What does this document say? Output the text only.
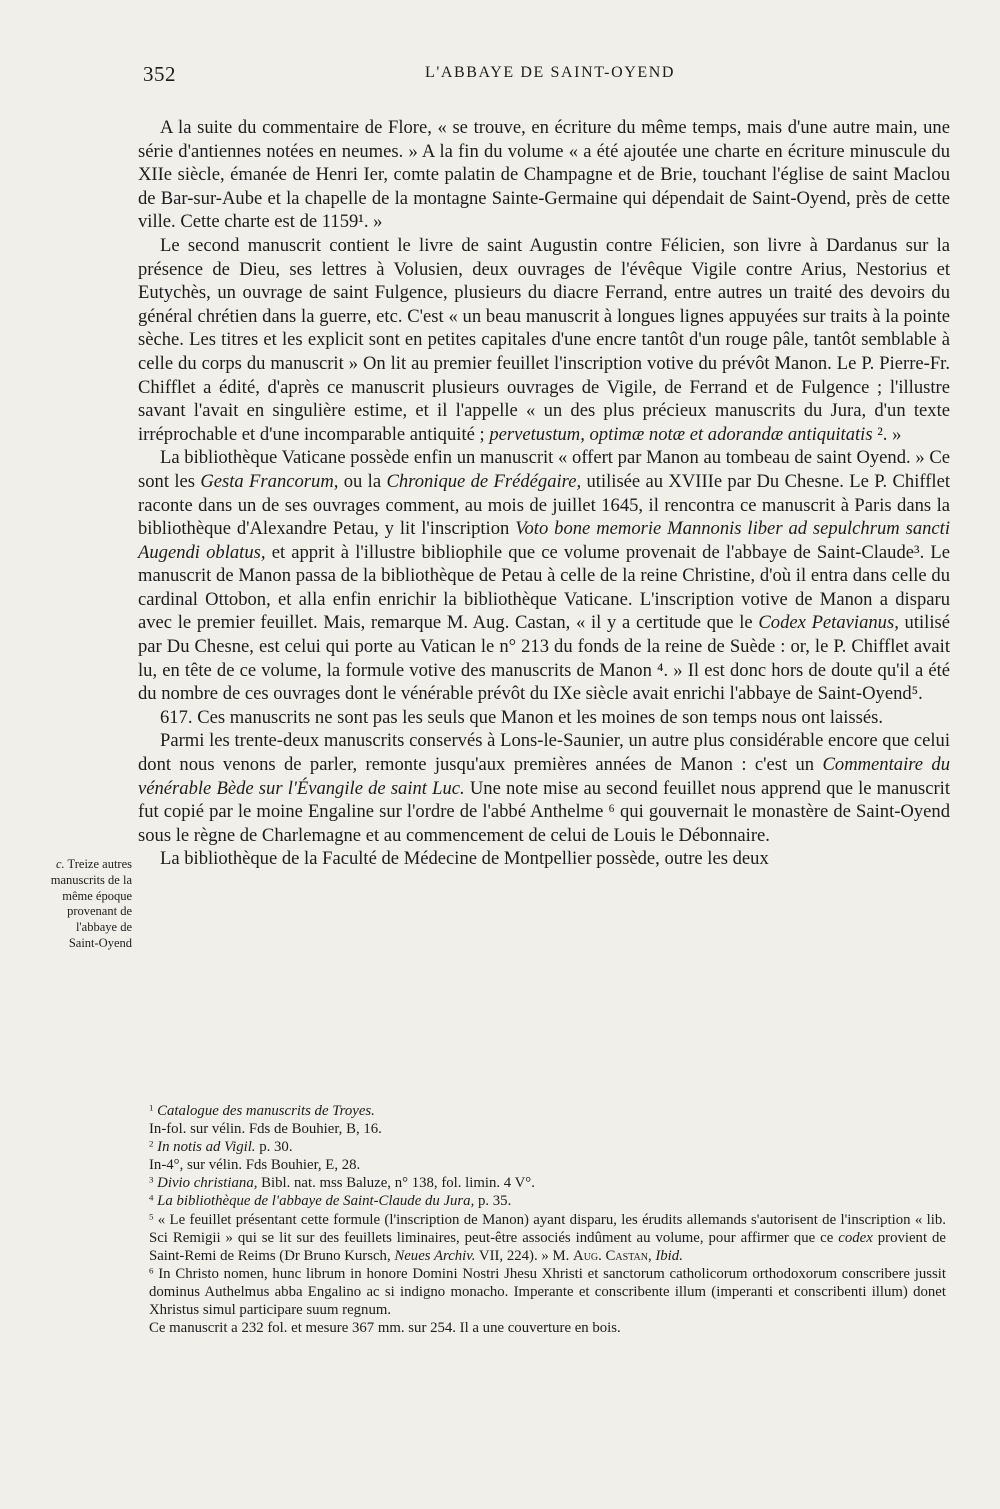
352	L'ABBAYE DE SAINT-OYEND

A la suite du commentaire de Flore, « se trouve, en écriture du même temps, mais d'une autre main, une série d'antiennes notées en neumes. » A la fin du volume « a été ajoutée une charte en écriture minuscule du XIIe siècle, émanée de Henri Ier, comte palatin de Champagne et de Brie, touchant l'église de saint Maclou de Bar-sur-Aube et la chapelle de la montagne Sainte-Germaine qui dépendait de Saint-Oyend, près de cette ville. Cette charte est de 1159¹. »

Le second manuscrit contient le livre de saint Augustin contre Félicien, son livre à Dardanus sur la présence de Dieu, ses lettres à Volusien, deux ouvrages de l'évêque Vigile contre Arius, Nestorius et Eutychès, un ouvrage de saint Fulgence, plusieurs du diacre Ferrand, entre autres un traité des devoirs du général chrétien dans la guerre, etc. C'est « un beau manuscrit à longues lignes appuyées sur traits à la pointe sèche. Les titres et les explicit sont en petites capitales d'une encre tantôt d'un rouge pâle, tantôt semblable à celle du corps du manuscrit » On lit au premier feuillet l'inscription votive du prévôt Manon. Le P. Pierre-Fr. Chifflet a édité, d'après ce manuscrit plusieurs ouvrages de Vigile, de Ferrand et de Fulgence ; l'illustre savant l'avait en singulière estime, et il l'appelle « un des plus précieux manuscrits du Jura, d'un texte irréprochable et d'une incomparable antiquité ; pervetustum, optimæ notæ et adorandæ antiquitatis ². »

La bibliothèque Vaticane possède enfin un manuscrit « offert par Manon au tombeau de saint Oyend. » Ce sont les Gesta Francorum, ou la Chronique de Frédégaire, utilisée au XVIIIe par Du Chesne. Le P. Chifflet raconte dans un de ses ouvrages comment, au mois de juillet 1645, il rencontra ce manuscrit à Paris dans la bibliothèque d'Alexandre Petau, y lit l'inscription Voto bone memorie Mannonis liber ad sepulchrum sancti Augendi oblatus, et apprit à l'illustre bibliophile que ce volume provenait de l'abbaye de Saint-Claude³. Le manuscrit de Manon passa de la bibliothèque de Petau à celle de la reine Christine, d'où il entra dans celle du cardinal Ottobon, et alla enfin enrichir la bibliothèque Vaticane. L'inscription votive de Manon a disparu avec le premier feuillet. Mais, remarque M. Aug. Castan, « il y a certitude que le Codex Petavianus, utilisé par Du Chesne, est celui qui porte au Vatican le n° 213 du fonds de la reine de Suède : or, le P. Chifflet avait lu, en tête de ce volume, la formule votive des manuscrits de Manon ⁴. » Il est donc hors de doute qu'il a été du nombre de ces ouvrages dont le vénérable prévôt du IXe siècle avait enrichi l'abbaye de Saint-Oyend⁵.

617. Ces manuscrits ne sont pas les seuls que Manon et les moines de son temps nous ont laissés.

Parmi les trente-deux manuscrits conservés à Lons-le-Saunier, un autre plus considérable encore que celui dont nous venons de parler, remonte jusqu'aux premières années de Manon : c'est un Commentaire du vénérable Bède sur l'Évangile de saint Luc. Une note mise au second feuillet nous apprend que le manuscrit fut copié par le moine Engaline sur l'ordre de l'abbé Anthelme ⁶ qui gouvernait le monastère de Saint-Oyend sous le règne de Charlemagne et au commencement de celui de Louis le Débonnaire.

La bibliothèque de la Faculté de Médecine de Montpellier possède, outre les deux

c. Treize autres manuscrits de la même époque provenant de l'abbaye de Saint-Oyend

$^1$ Catalogue des manuscrits de Troyes.

In-fol. sur vélin. Fds de Bouhier, B, 16.

$^2$ In notis ad Vigil. p. 30.

In-4°, sur vélin. Fds Bouhier, E, 28.

$^3$ Divio christiana, Bibl. nat. mss Baluze, n° 138, fol. limin. 4 V°.

$^4$ La bibliothèque de l'abbaye de Saint-Claude du Jura, p. 35.

$^5$ « Le feuillet présentant cette formule (l'inscription de Manon) ayant disparu, les érudits allemands s'autorisent de l'inscription « lib. Sci Remigii » qui se lit sur des feuillets liminaires, peut-être associés indûment au volume, pour affirmer que ce codex provient de Saint-Remi de Reims (Dr Bruno Kursch, Neues Archiv. VII, 224). » M. Aug. Castan, Ibid.

$^6$ In Christo nomen, hunc librum in honore Domini Nostri Jhesu Xhristi et sanctorum catholicorum orthodoxorum conscribere jussit dominus Authelmus abba Engalino ac si indigno monacho. Imperante et conscribente illum (imperanti et conscribenti illum) donet Xhristus simul participare suum regnum.

Ce manuscrit a 232 fol. et mesure 367 mm. sur 254. Il a une couverture en bois.
